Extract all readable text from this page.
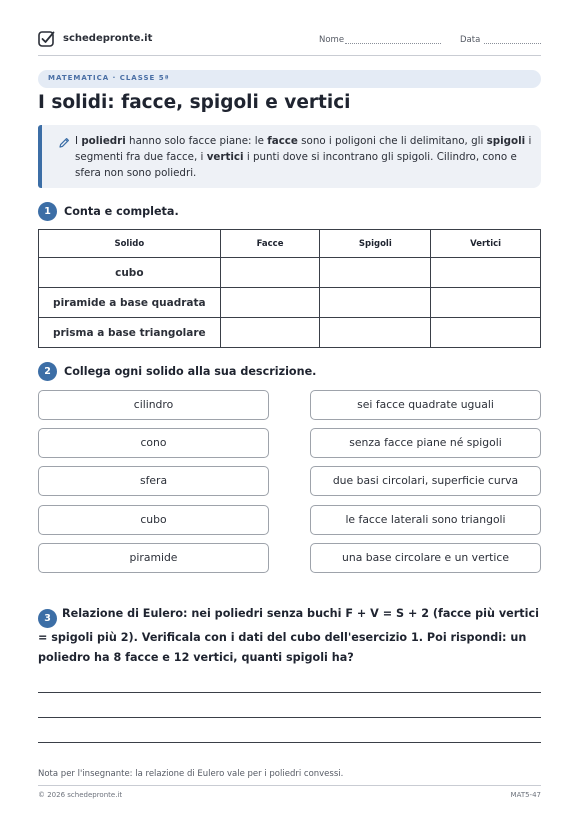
schedepronte.it	Nome	Data
MATEMATICA · CLASSE 5ª
I solidi: facce, spigoli e vertici

I poliedri hanno solo facce piane: le facce sono i poligoni che li delimitano, gli spigoli i segmenti fra due facce, i vertici i punti dove si incontrano gli spigoli. Cilindro, cono e sfera non sono poliedri.

1	Conta e completa.
Solido	Facce	Spigoli	Vertici
cubo			
piramide a base quadrata			
prisma a base triangolare			
2	Collega ogni solido alla sua descrizione.
cilindro
cono
sfera
cubo
piramide
sei facce quadrate uguali
senza facce piane né spigoli
due basi circolari, superficie curva
le facce laterali sono triangoli
una base circolare e un vertice
3 Relazione di Eulero: nei poliedri senza buchi F + V = S + 2 (facce più vertici = spigoli più 2). Verificala con i dati del cubo dell'esercizio 1. Poi rispondi: un poliedro ha 8 facce e 12 vertici, quanti spigoli ha?
Nota per l'insegnante: la relazione di Eulero vale per i poliedri convessi.
© 2026 schedepronte.it	MAT5-47
